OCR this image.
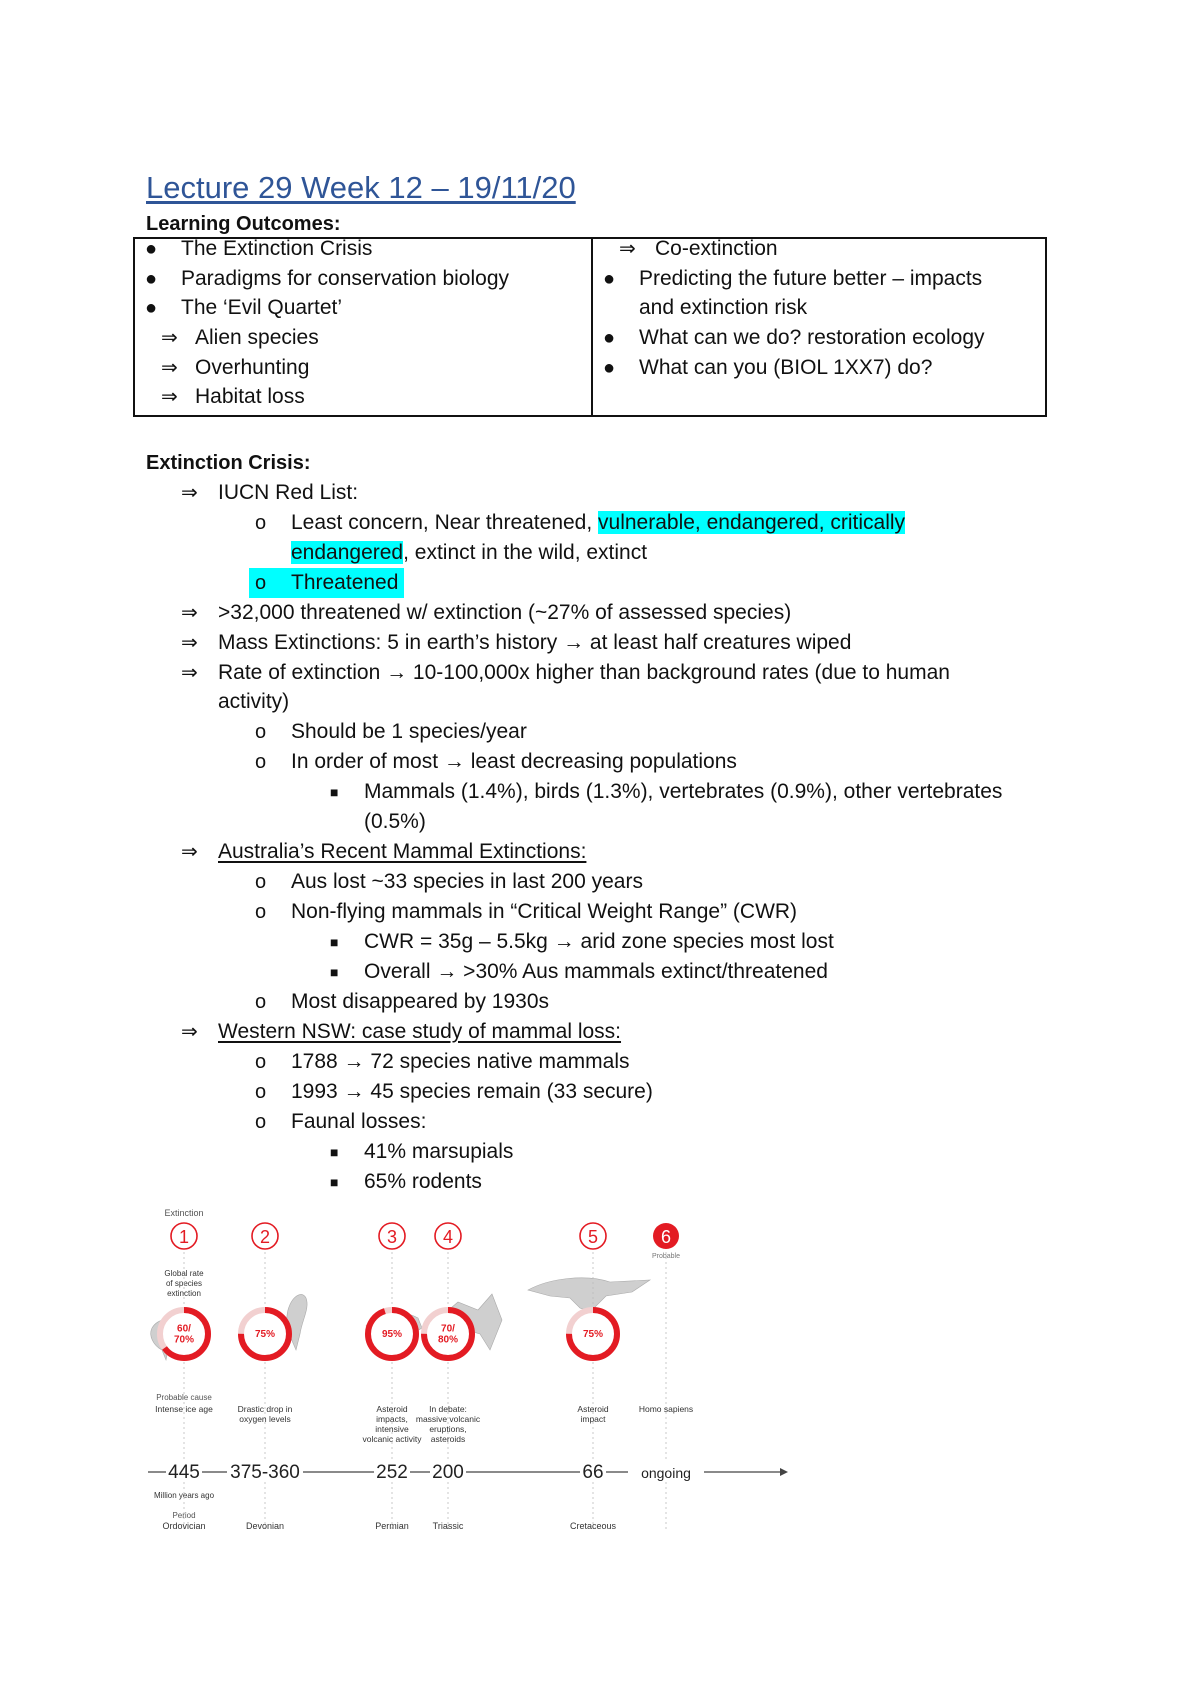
Lecture 29 Week 12 – 19/11/20
Learning Outcomes:
● The Extinction Crisis
● Paradigms for conservation biology
● The ‘Evil Quartet’
⇒ Alien species
⇒ Overhunting
⇒ Habitat loss
⇒ Co-extinction
● Predicting the future better – impacts
and extinction risk
● What can we do? restoration ecology
● What can you (BIOL 1XX7) do?
Extinction Crisis:
⇒ IUCN Red List:
o Least concern, Near threatened, vulnerable, endangered, critically
endangered, extinct in the wild, extinct
o Threatened
⇒ >32,000 threatened w/ extinction (~27% of assessed species)
⇒ Mass Extinctions: 5 in earth’s history → at least half creatures wiped
⇒ Rate of extinction → 10-100,000x higher than background rates (due to human
activity)
o Should be 1 species/year
o In order of most → least decreasing populations
■ Mammals (1.4%), birds (1.3%), vertebrates (0.9%), other vertebrates
(0.5%)
⇒ Australia’s Recent Mammal Extinctions:
o Aus lost ~33 species in last 200 years
o Non-flying mammals in “Critical Weight Range” (CWR)
■ CWR = 35g – 5.5kg → arid zone species most lost
■ Overall → >30% Aus mammals extinct/threatened
o Most disappeared by 1930s
⇒ Western NSW: case study of mammal loss:
o 1788 → 72 species native mammals
o 1993 → 45 species remain (33 secure)
o Faunal losses:
■ 41% marsupials
■ 65% rodents
Extinction
Global rate
of species
extinction
Probable cause
Million years ago
Period
1
60/
70%
Intense ice age
445
Ordovician
2
75%
Drastic drop in
oxygen levels
375-360
Devonian
3
95%
Asteroid
impacts,
intensive
volcanic activity
252
Permian
4
70/
80%
In debate:
massive volcanic
eruptions,
asteroids
200
Triassic
5
75%
Asteroid
impact
66
Cretaceous
6
Probable
Homo sapiens
ongoing
